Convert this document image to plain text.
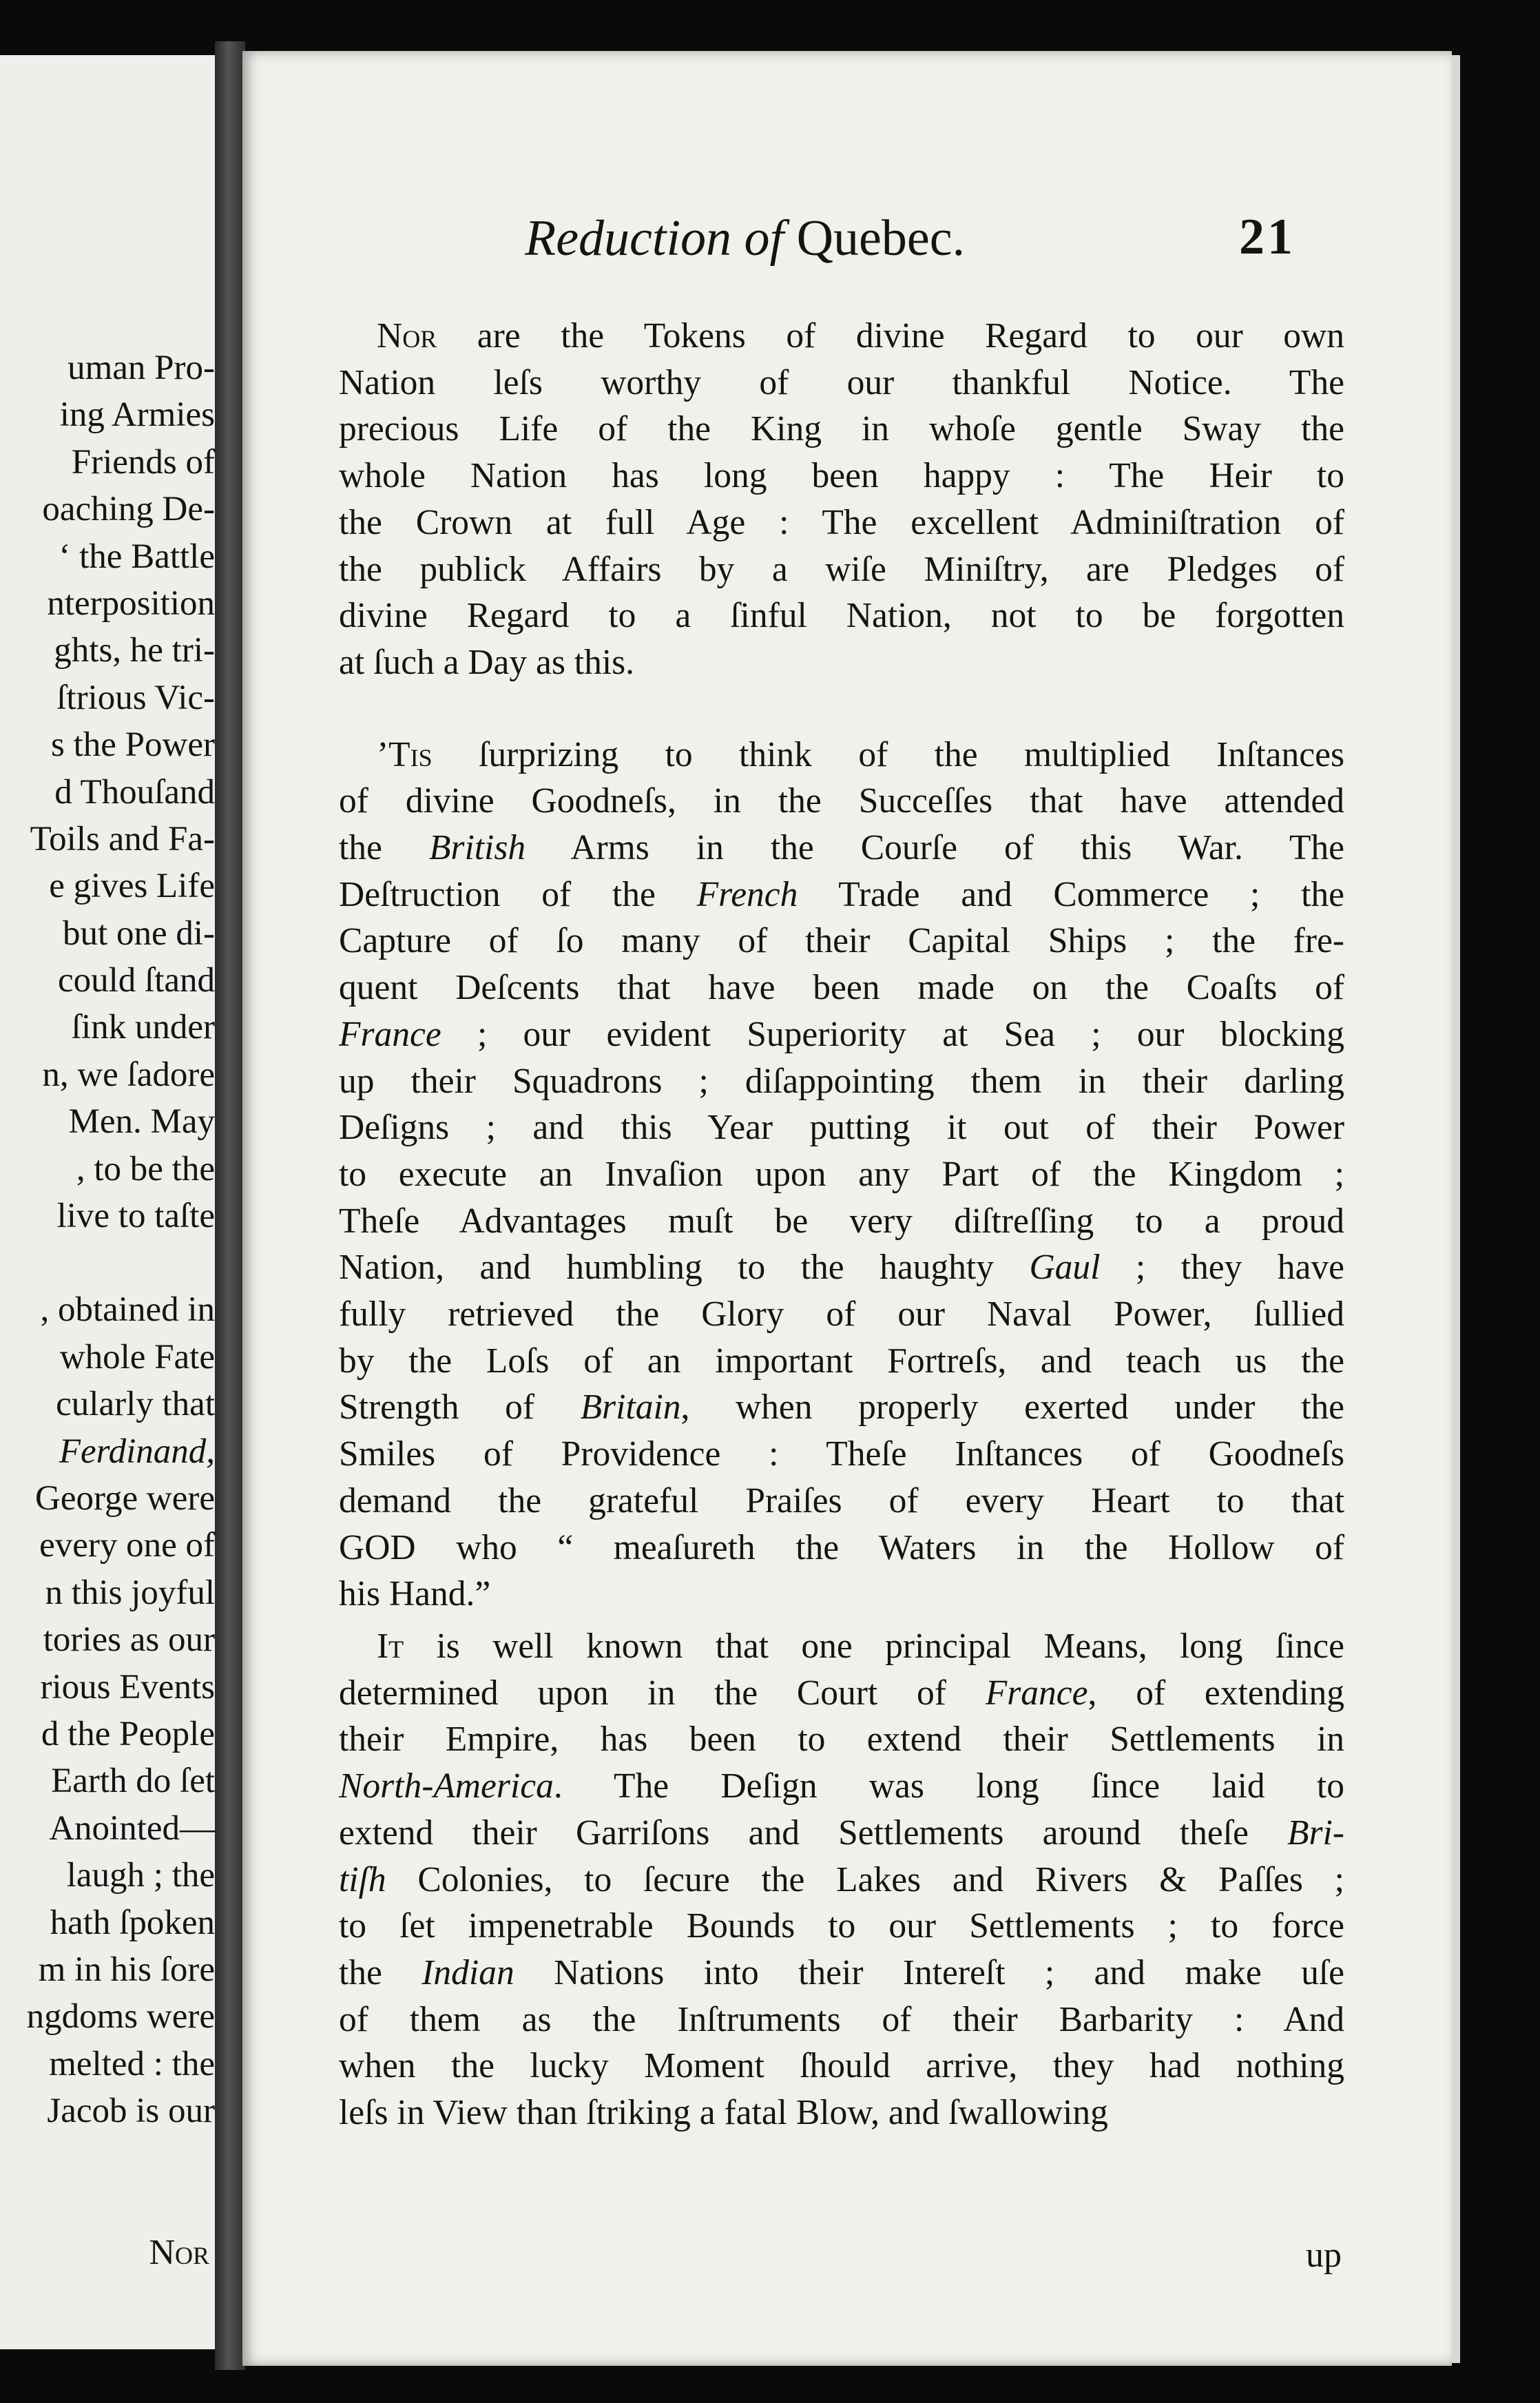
uman Pro-
ing Armies
Friends of
oaching De-
‘ the Battle
nterposition
ghts, he tri-
ſtrious Vic-
s the Power
d Thouſand
Toils and Fa-
e gives Life
but one di-
could ſtand
ſink under
n, we ſadore
Men. May
, to be the
live to taſte
, obtained in
whole Fate
cularly that
Ferdinand,
George were
every one of
n this joyful
tories as our
rious Events
d the People
Earth do ſet
Anointed—
laugh ; the
hath ſpoken
m in his ſore
ngdoms were
melted : the
Jacob is our
Nor
Reduction of Quebec.	21

Nor are the Tokens of divine Regard to our own
Nation leſs worthy of our thankful Notice. The
precious Life of the King in whoſe gentle Sway the
whole Nation has long been happy : The Heir to
the Crown at full Age : The excellent Adminiſtration of
the publick Affairs by a wiſe Miniſtry, are Pledges of
divine Regard to a ſinful Nation, not to be forgotten
at ſuch a Day as this.

’Tis ſurprizing to think of the multiplied Inſtances
of divine Goodneſs, in the Succeſſes that have attended
the British Arms in the Courſe of this War. The
Deſtruction of the French Trade and Commerce ; the
Capture of ſo many of their Capital Ships ; the fre-
quent Deſcents that have been made on the Coaſts of
France ; our evident Superiority at Sea ; our blocking
up their Squadrons ; diſappointing them in their darling
Deſigns ; and this Year putting it out of their Power
to execute an Invaſion upon any Part of the Kingdom ;
Theſe Advantages muſt be very diſtreſſing to a proud
Nation, and humbling to the haughty Gaul ; they have
fully retrieved the Glory of our Naval Power, ſullied
by the Loſs of an important Fortreſs, and teach us the
Strength of Britain, when properly exerted under the
Smiles of Providence : Theſe Inſtances of Goodneſs
demand the grateful Praiſes of every Heart to that
GOD who “ meaſureth the Waters in the Hollow of
his Hand.”

It is well known that one principal Means, long ſince
determined upon in the Court of France, of extending
their Empire, has been to extend their Settlements in
North-America. The Deſign was long ſince laid to
extend their Garriſons and Settlements around theſe Bri-
tiſh Colonies, to ſecure the Lakes and Rivers & Paſſes ;
to ſet impenetrable Bounds to our Settlements ; to force
the Indian Nations into their Intereſt ; and make uſe
of them as the Inſtruments of their Barbarity : And
when the lucky Moment ſhould arrive, they had nothing
leſs in View than ſtriking a fatal Blow, and ſwallowing

up
